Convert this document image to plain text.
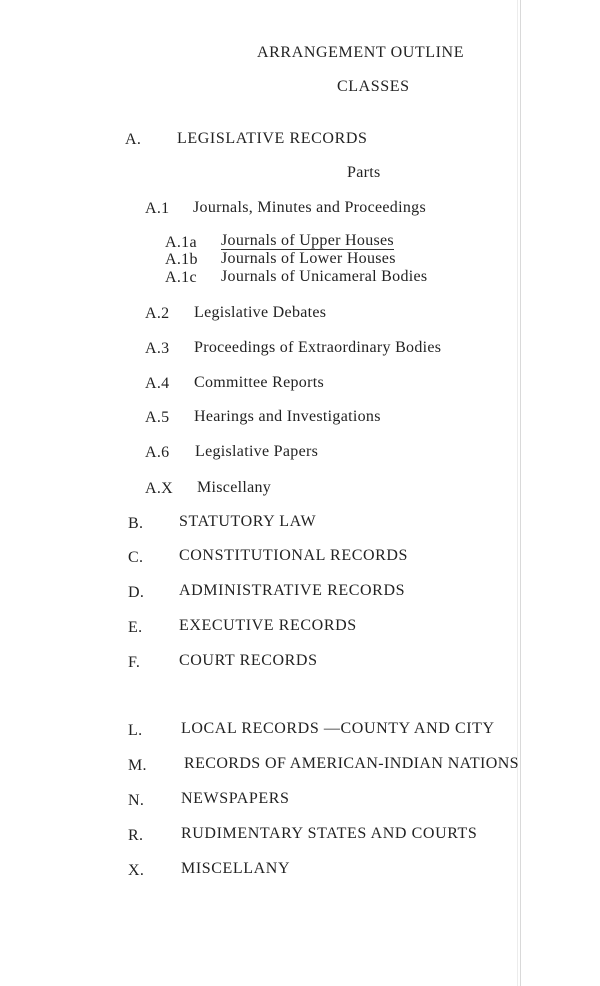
ARRANGEMENT OUTLINE
CLASSES
A. LEGISLATIVE RECORDS
Parts
A.1 Journals, Minutes and Proceedings
A.1a Journals of Upper Houses
A.1b Journals of Lower Houses
A.1c Journals of Unicameral Bodies
A.2 Legislative Debates
A.3 Proceedings of Extraordinary Bodies
A.4 Committee Reports
A.5 Hearings and Investigations
A.6 Legislative Papers
A.X Miscellany
B. STATUTORY LAW
C. CONSTITUTIONAL RECORDS
D. ADMINISTRATIVE RECORDS
E. EXECUTIVE RECORDS
F. COURT RECORDS
L. LOCAL RECORDS —COUNTY AND CITY
M. RECORDS OF AMERICAN-INDIAN NATIONS
N. NEWSPAPERS
R. RUDIMENTARY STATES AND COURTS
X. MISCELLANY
